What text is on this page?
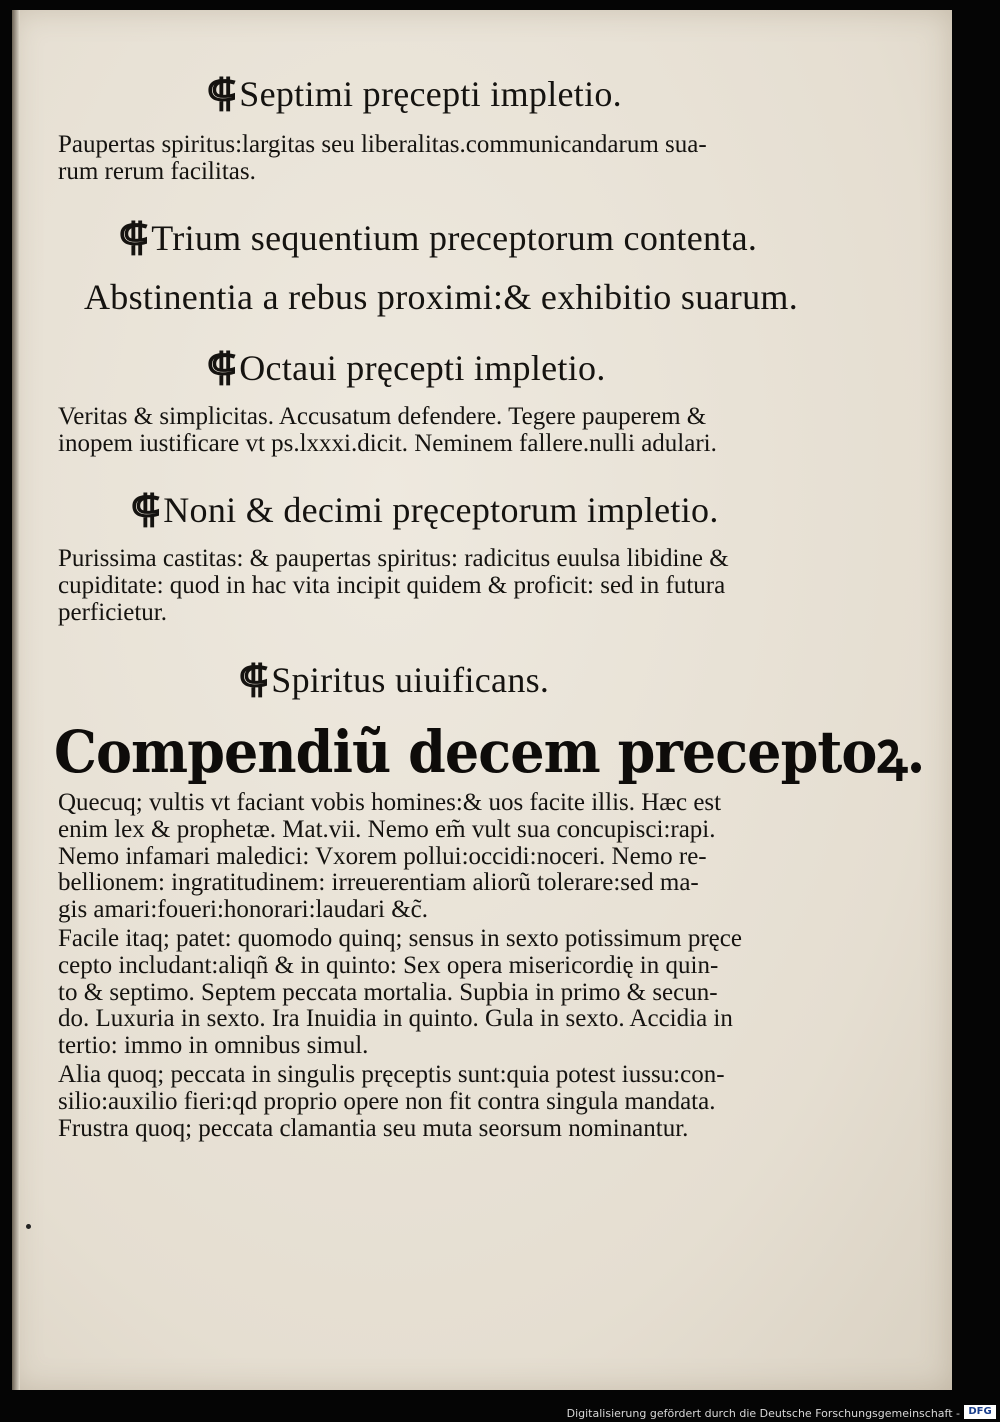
⸿Septimi pręcepti impletio.
Paupertas spiritus:largitas seu liberalitas.communicandarum sua-
rum rerum facilitas.
⸿Trium sequentium preceptorum contenta.
Abstinentia a rebus proximi:& exhibitio suarum.
⸿Octaui pręcepti impletio.
Veritas & simplicitas. Accusatum defendere. Tegere pauperem &
inopem iustificare vt ps.lxxxi.dicit. Neminem fallere.nulli adulari.
⸿Noni & decimi pręceptorum impletio.
Purissima castitas: & paupertas spiritus: radicitus euulsa libidine &
cupiditate: quod in hac vita incipit quidem & proficit: sed in futura
perficietur.
⸿Spiritus uiuificans.
Compendiũ decem preceptoꝝ.
Quecuq; vultis vt faciant vobis homines:& uos facite illis. Hæc est
enim lex & prophetæ. Mat.vii. Nemo em̃ vult sua concupisci:rapi.
Nemo infamari maledici: Vxorem pollui:occidi:noceri. Nemo re-
bellionem: ingratitudinem: irreuerentiam aliorũ tolerare:sed ma-
gis amari:foueri:honorari:laudari &c̃.
Facile itaq; patet: quomodo quinq; sensus in sexto potissimum pręce
cepto includant:aliqñ & in quinto: Sex opera misericordię in quin-
to & septimo. Septem peccata mortalia. Supbia in primo & secun-
do. Luxuria in sexto. Ira Inuidia in quinto. Gula in sexto. Accidia in
tertio: immo in omnibus simul.
Alia quoq; peccata in singulis pręceptis sunt:quia potest iussu:con-
silio:auxilio fieri:qd proprio opere non fit contra singula mandata.
Frustra quoq; peccata clamantia seu muta seorsum nominantur.
Digitalisierung gefördert durch die Deutsche Forschungsgemeinschaft - DFG
